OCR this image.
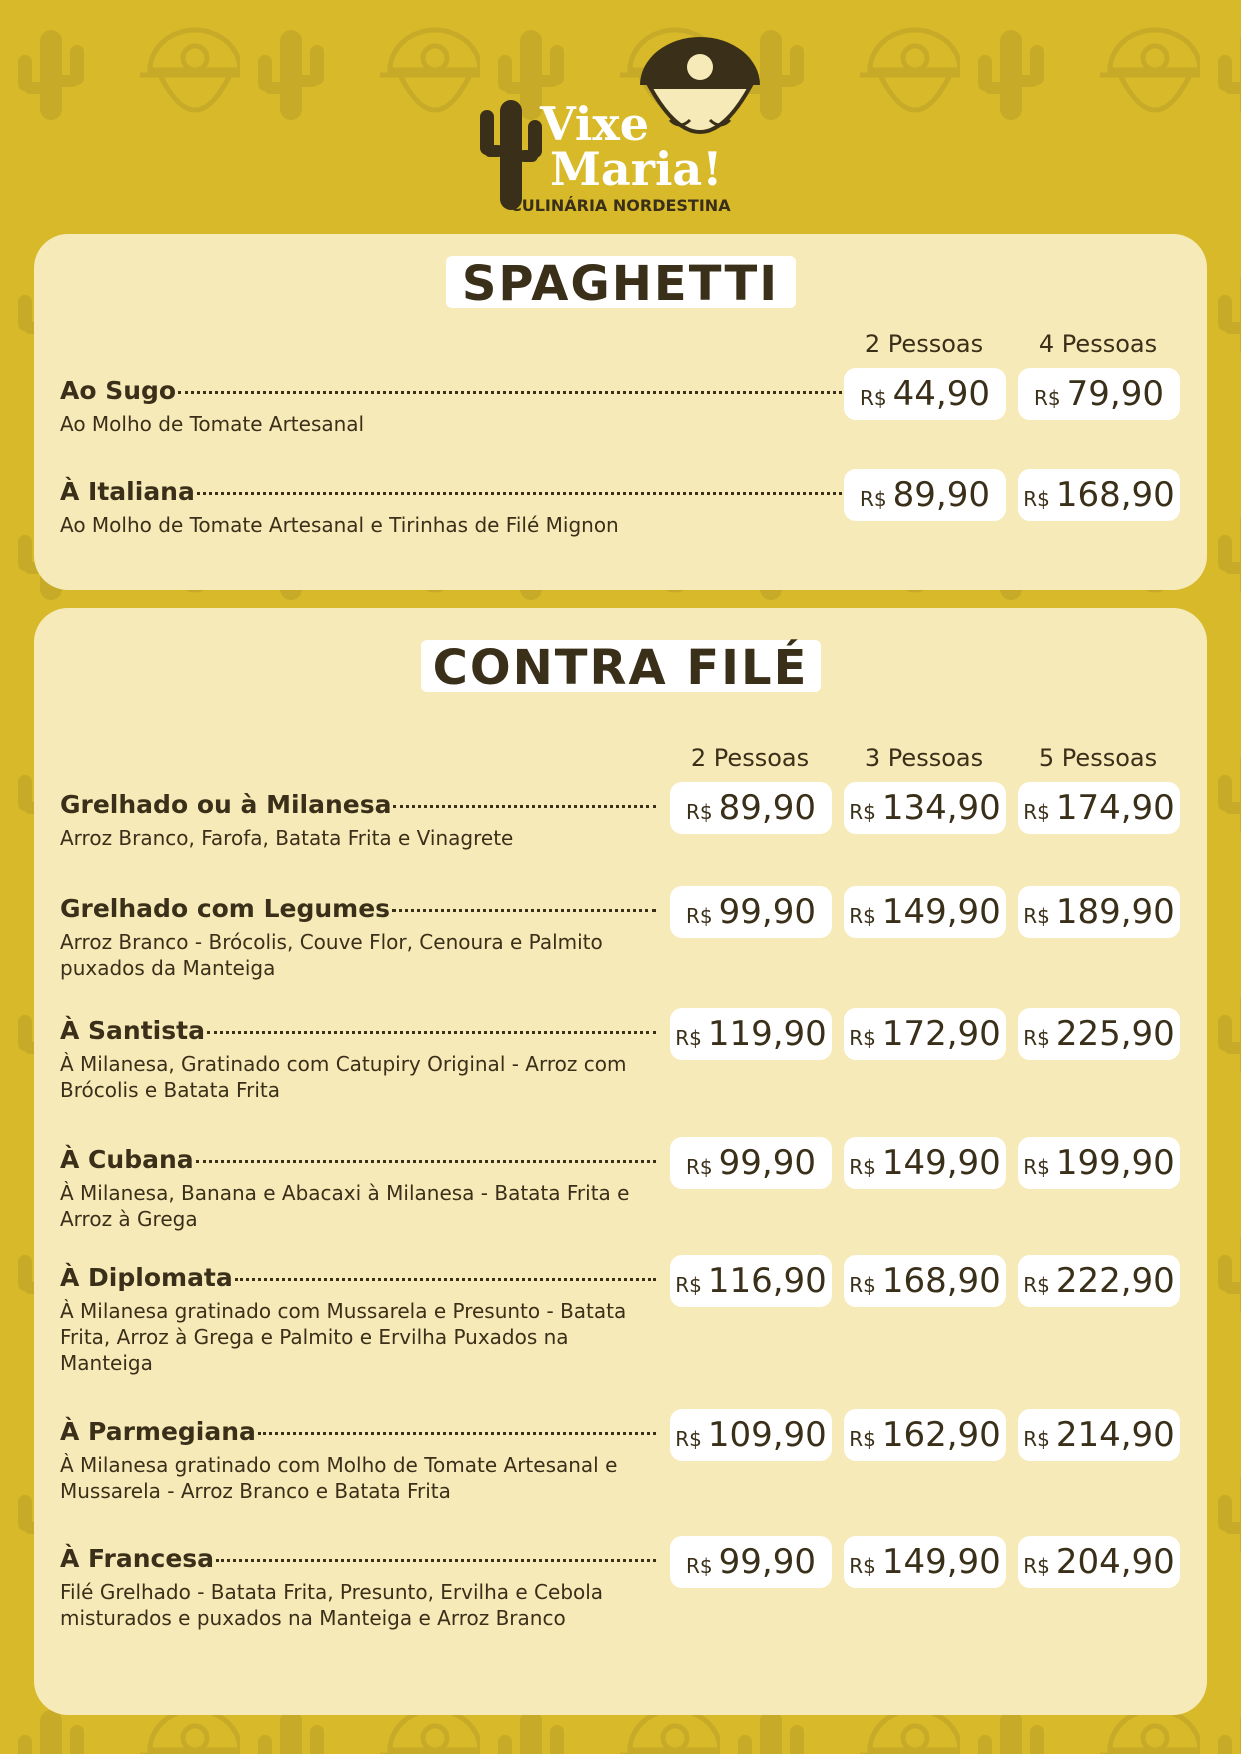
Vixe
Maria!
CULINÁRIA NORDESTINA
SPAGHETTI
2 Pessoas	4 Pessoas
Ao Sugo
Ao Molho de Tomate Artesanal
R$ 44,90 R$ 79,90
À Italiana
Ao Molho de Tomate Artesanal e Tirinhas de Filé Mignon
R$ 89,90 R$ 168,90
CONTRA FILÉ
2 Pessoas	3 Pessoas	5 Pessoas
Grelhado ou à Milanesa
Arroz Branco, Farofa, Batata Frita e Vinagrete
R$ 89,90 R$ 134,90 R$ 174,90
Grelhado com Legumes
Arroz Branco - Brócolis, Couve Flor, Cenoura e Palmito puxados da Manteiga
R$ 99,90 R$ 149,90 R$ 189,90
À Santista
À Milanesa, Gratinado com Catupiry Original - Arroz com Brócolis e Batata Frita
R$ 119,90 R$ 172,90 R$ 225,90
À Cubana
À Milanesa, Banana e Abacaxi à Milanesa - Batata Frita e Arroz à Grega
R$ 99,90 R$ 149,90 R$ 199,90
À Diplomata
À Milanesa gratinado com Mussarela e Presunto - Batata Frita, Arroz à Grega e Palmito e Ervilha Puxados na Manteiga
R$ 116,90 R$ 168,90 R$ 222,90
À Parmegiana
À Milanesa gratinado com Molho de Tomate Artesanal e Mussarela - Arroz Branco e Batata Frita
R$ 109,90 R$ 162,90 R$ 214,90
À Francesa
Filé Grelhado - Batata Frita, Presunto, Ervilha e Cebola misturados e puxados na Manteiga e Arroz Branco
R$ 99,90 R$ 149,90 R$ 204,90
